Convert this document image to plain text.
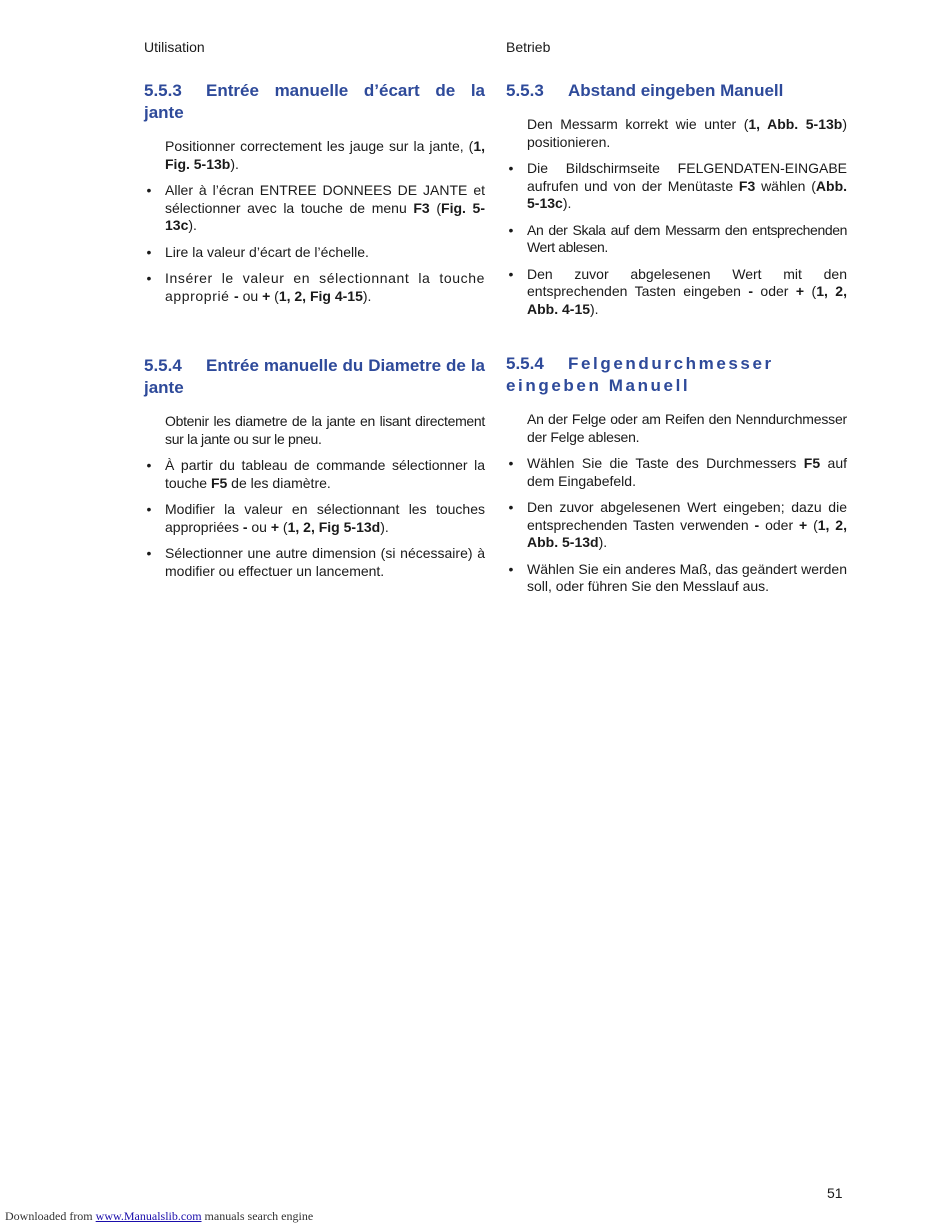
Utilisation
5.5.3 Entrée manuelle d’écart de la jante

Positionner correctement les jauge sur la jante, (1, Fig. 5-13b).

• Aller à l’écran ENTREE DONNEES DE JANTE et sélectionner avec la touche de menu F3 (Fig. 5-13c).
• Lire la valeur d’écart de l’échelle.
• Insérer le valeur en sélectionnant la touche approprié - ou + (1, 2, Fig 4-15).
5.5.4 Entrée manuelle du Diametre de la jante

Obtenir les diametre de la jante en lisant directement sur la jante ou sur le pneu.

• À partir du tableau de commande sélectionner la touche F5 de les diamètre.
• Modifier la valeur en sélectionnant les touches appropriées - ou + (1, 2, Fig 5-13d).
• Sélectionner une autre dimension (si nécessaire) à modifier ou effectuer un lancement.
Betrieb
5.5.3 Abstand eingeben Manuell

Den Messarm korrekt wie unter (1, Abb. 5-13b) positionieren.

• Die Bildschirmseite FELGENDATEN-EINGABE aufrufen und von der Menütaste F3 wählen (Abb. 5-13c).
• An der Skala auf dem Messarm den entsprechenden Wert ablesen.
• Den zuvor abgelesenen Wert mit den entsprechenden Tasten eingeben - oder + (1, 2, Abb. 4-15).
5.5.4 Felgendurchmesser eingeben Manuell

An der Felge oder am Reifen den Nenndurchmesser der Felge ablesen.

• Wählen Sie die Taste des Durchmessers F5 auf dem Eingabefeld.
• Den zuvor abgelesenen Wert eingeben; dazu die entsprechenden Tasten verwenden - oder + (1, 2, Abb. 5-13d).
• Wählen Sie ein anderes Maß, das geändert werden soll, oder führen Sie den Messlauf aus.
51
Downloaded from www.Manualslib.com manuals search engine
